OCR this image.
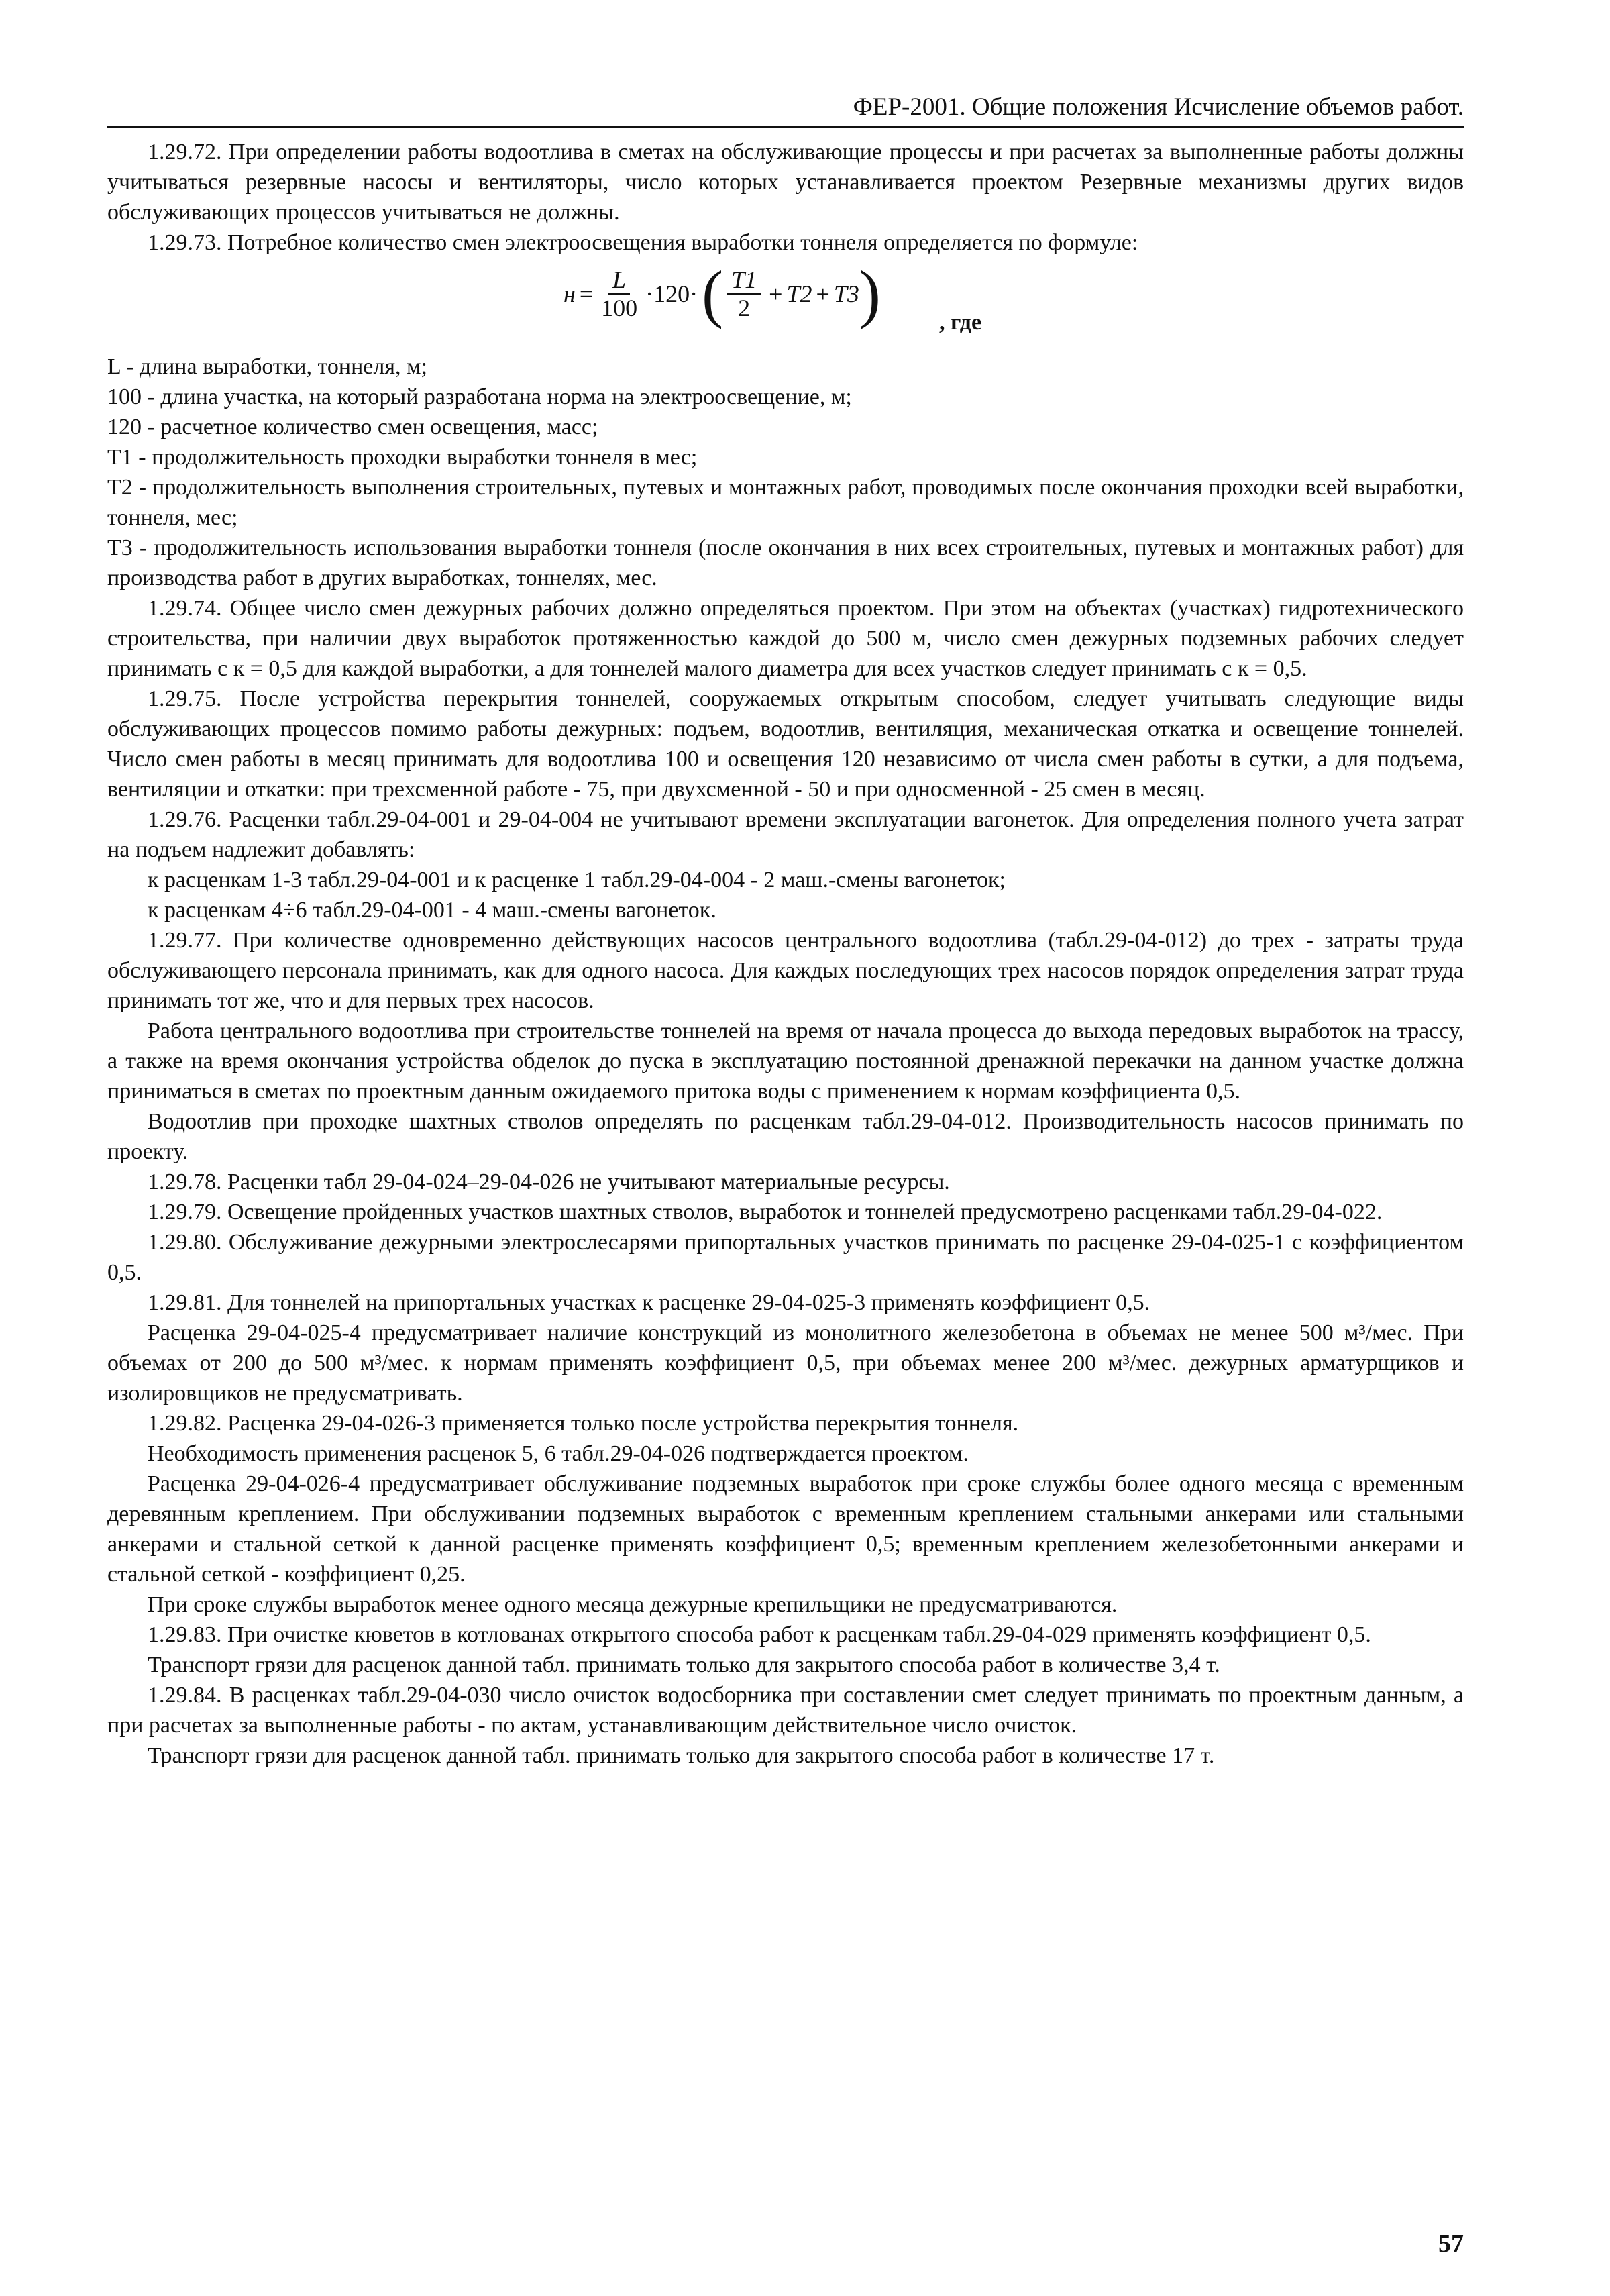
ФЕР-2001. Общие положения Исчисление объемов работ.

1.29.72. При определении работы водоотлива в сметах на обслуживающие процессы и при расчетах за выполненные работы должны учитываться резервные насосы и вентиляторы, число которых устанавливается проектом Резервные механизмы других видов обслуживающих процессов учитываться не должны.

1.29.73. Потребное количество смен электроосвещения выработки тоннеля определяется по формуле:

$н = \frac{L}{100} \cdot 120\cdot$ ( $\frac{T1}{2} + T2 + T3$ )	, где

L - длина выработки, тоннеля, м;

100 - длина участка, на который разработана норма на электроосвещение, м;

120 - расчетное количество смен освещения, масс;

T1 - продолжительность проходки выработки тоннеля в мес;

T2 - продолжительность выполнения строительных, путевых и монтажных работ, проводимых после окончания проходки всей выработки, тоннеля, мес;

T3 - продолжительность использования выработки тоннеля (после окончания в них всех строительных, путевых и монтажных работ) для производства работ в других выработках, тоннелях, мес.

1.29.74. Общее число смен дежурных рабочих должно определяться проектом. При этом на объектах (участках) гидротехнического строительства, при наличии двух выработок протяженностью каждой до 500 м, число смен дежурных подземных рабочих следует принимать с к = 0,5 для каждой выработки, а для тоннелей малого диаметра для всех участков следует принимать с к = 0,5.

1.29.75. После устройства перекрытия тоннелей, сооружаемых открытым способом, следует учитывать следующие виды обслуживающих процессов помимо работы дежурных: подъем, водоотлив, вентиляция, механическая откатка и освещение тоннелей. Число смен работы в месяц принимать для водоотлива 100 и освещения 120 независимо от числа смен работы в сутки, а для подъема, вентиляции и откатки: при трехсменной работе - 75, при двухсменной - 50 и при односменной - 25 смен в месяц.

1.29.76. Расценки табл.29-04-001 и 29-04-004 не учитывают времени эксплуатации вагонеток. Для определения полного учета затрат на подъем надлежит добавлять:

к расценкам 1-3 табл.29-04-001 и к расценке 1 табл.29-04-004 - 2 маш.-смены вагонеток;

к расценкам 4÷6 табл.29-04-001 - 4 маш.-смены вагонеток.

1.29.77. При количестве одновременно действующих насосов центрального водоотлива (табл.29-04-012) до трех - затраты труда обслуживающего персонала принимать, как для одного насоса. Для каждых последующих трех насосов порядок определения затрат труда принимать тот же, что и для первых трех насосов.

Работа центрального водоотлива при строительстве тоннелей на время от начала процесса до выхода передовых выработок на трассу, а также на время окончания устройства обделок до пуска в эксплуатацию постоянной дренажной перекачки на данном участке должна приниматься в сметах по проектным данным ожидаемого притока воды с применением к нормам коэффициента 0,5.

Водоотлив при проходке шахтных стволов определять по расценкам табл.29-04-012. Производительность насосов принимать по проекту.

1.29.78. Расценки табл 29-04-024–29-04-026 не учитывают материальные ресурсы.

1.29.79. Освещение пройденных участков шахтных стволов, выработок и тоннелей предусмотрено расценками табл.29-04-022.

1.29.80. Обслуживание дежурными электрослесарями припортальных участков принимать по расценке 29-04-025-1 с коэффициентом 0,5.

1.29.81. Для тоннелей на припортальных участках к расценке 29-04-025-3 применять коэффициент 0,5.

Расценка 29-04-025-4 предусматривает наличие конструкций из монолитного железобетона в объемах не менее 500 м³/мес. При объемах от 200 до 500 м³/мес. к нормам применять коэффициент 0,5, при объемах менее 200 м³/мес. дежурных арматурщиков и изолировщиков не предусматривать.

1.29.82. Расценка 29-04-026-3 применяется только после устройства перекрытия тоннеля.

Необходимость применения расценок 5, 6 табл.29-04-026 подтверждается проектом.

Расценка 29-04-026-4 предусматривает обслуживание подземных выработок при сроке службы более одного месяца с временным деревянным креплением. При обслуживании подземных выработок с временным креплением стальными анкерами или стальными анкерами и стальной сеткой к данной расценке применять коэффициент 0,5; временным креплением железобетонными анкерами и стальной сеткой - коэффициент 0,25.

При сроке службы выработок менее одного месяца дежурные крепильщики не предусматриваются.

1.29.83. При очистке кюветов в котлованах открытого способа работ к расценкам табл.29-04-029 применять коэффициент 0,5.

Транспорт грязи для расценок данной табл. принимать только для закрытого способа работ в количестве 3,4 т.

1.29.84. В расценках табл.29-04-030 число очисток водосборника при составлении смет следует принимать по проектным данным, а при расчетах за выполненные работы - по актам, устанавливающим действительное число очисток.

Транспорт грязи для расценок данной табл. принимать только для закрытого способа работ в количестве 17 т.

57
